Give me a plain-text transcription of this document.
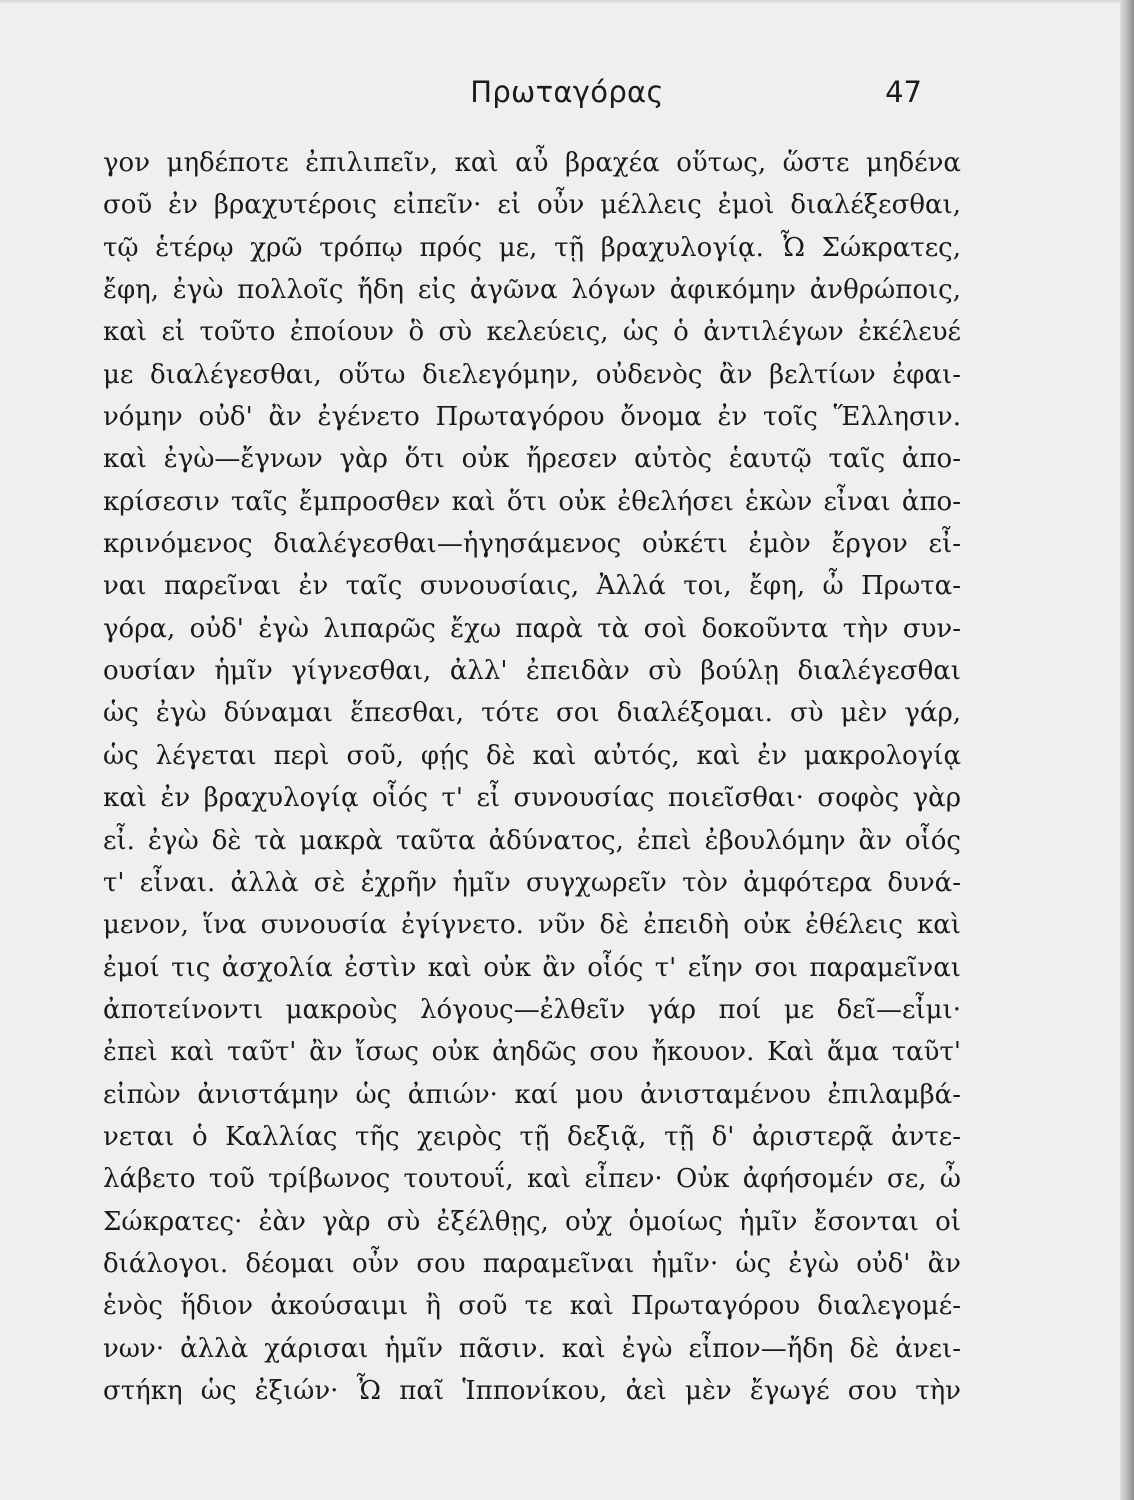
Πρωταγόρας	47
γον μηδέποτε ἐπιλιπεῖν, καὶ αὖ βραχέα οὕτως, ὥστε μηδένα
σοῦ ἐν βραχυτέροις εἰπεῖν· εἰ οὖν μέλλεις ἐμοὶ διαλέξεσθαι,
τῷ ἑτέρῳ χρῶ τρόπῳ πρός με, τῇ βραχυλογίᾳ. Ὦ Σώκρατες,
ἔφη, ἐγὼ πολλοῖς ἤδη εἰς ἀγῶνα λόγων ἀφικόμην ἀνθρώποις,
καὶ εἰ τοῦτο ἐποίουν ὃ σὺ κελεύεις, ὡς ὁ ἀντιλέγων ἐκέλευέ
με διαλέγεσθαι, οὕτω διελεγόμην, οὐδενὸς ἂν βελτίων ἐφαι-
νόμην οὐδ' ἂν ἐγένετο Πρωταγόρου ὄνομα ἐν τοῖς Ἕλλησιν.
καὶ ἐγὼ—ἔγνων γὰρ ὅτι οὐκ ἤρεσεν αὐτὸς ἑαυτῷ ταῖς ἀπο-
κρίσεσιν ταῖς ἔμπροσθεν καὶ ὅτι οὐκ ἐθελήσει ἑκὼν εἶναι ἀπο-
κρινόμενος διαλέγεσθαι—ἡγησάμενος οὐκέτι ἐμὸν ἔργον εἶ-
ναι παρεῖναι ἐν ταῖς συνουσίαις, Ἀλλά τοι, ἔφη, ὦ Πρωτα-
γόρα, οὐδ' ἐγὼ λιπαρῶς ἔχω παρὰ τὰ σοὶ δοκοῦντα τὴν συν-
ουσίαν ἡμῖν γίγνεσθαι, ἀλλ' ἐπειδὰν σὺ βούλῃ διαλέγεσθαι
ὡς ἐγὼ δύναμαι ἕπεσθαι, τότε σοι διαλέξομαι. σὺ μὲν γάρ,
ὡς λέγεται περὶ σοῦ, φῄς δὲ καὶ αὐτός, καὶ ἐν μακρολογίᾳ
καὶ ἐν βραχυλογίᾳ οἷός τ' εἶ συνουσίας ποιεῖσθαι· σοφὸς γὰρ
εἶ. ἐγὼ δὲ τὰ μακρὰ ταῦτα ἀδύνατος, ἐπεὶ ἐβουλόμην ἂν οἷός
τ' εἶναι. ἀλλὰ σὲ ἐχρῆν ἡμῖν συγχωρεῖν τὸν ἀμφότερα δυνά-
μενον, ἵνα συνουσία ἐγίγνετο. νῦν δὲ ἐπειδὴ οὐκ ἐθέλεις καὶ
ἐμοί τις ἀσχολία ἐστὶν καὶ οὐκ ἂν οἷός τ' εἴην σοι παραμεῖναι
ἀποτείνοντι μακροὺς λόγους—ἐλθεῖν γάρ ποί με δεῖ—εἶμι·
ἐπεὶ καὶ ταῦτ' ἂν ἴσως οὐκ ἀηδῶς σου ἤκουον. Καὶ ἅμα ταῦτ'
εἰπὼν ἀνιστάμην ὡς ἀπιών· καί μου ἀνισταμένου ἐπιλαμβά-
νεται ὁ Καλλίας τῆς χειρὸς τῇ δεξιᾷ, τῇ δ' ἀριστερᾷ ἀντε-
λάβετο τοῦ τρίβωνος τουτουΐ, καὶ εἶπεν· Οὐκ ἀφήσομέν σε, ὦ
Σώκρατες· ἐὰν γὰρ σὺ ἐξέλθῃς, οὐχ ὁμοίως ἡμῖν ἔσονται οἱ
διάλογοι. δέομαι οὖν σου παραμεῖναι ἡμῖν· ὡς ἐγὼ οὐδ' ἂν
ἑνὸς ἥδιον ἀκούσαιμι ἢ σοῦ τε καὶ Πρωταγόρου διαλεγομέ-
νων· ἀλλὰ χάρισαι ἡμῖν πᾶσιν. καὶ ἐγὼ εἶπον—ἤδη δὲ ἀνει-
στήκη ὡς ἐξιών· Ὦ παῖ Ἱππονίκου, ἀεὶ μὲν ἔγωγέ σου τὴν
